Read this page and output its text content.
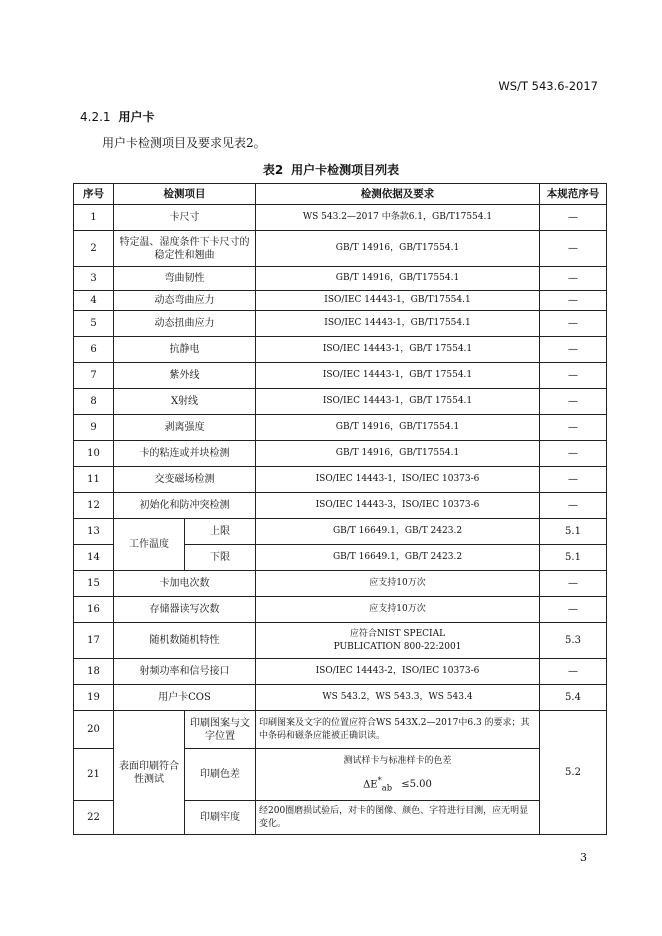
WS/T 543.6-2017
4.2.1 用户卡
用户卡检测项目及要求见表2。
表2 用户卡检测项目列表
序号	检测项目		检测依据及要求	本规范序号
1	卡尺寸		WS 543.2—2017 中条款6.1，GB/T17554.1	—
2	特定温、湿度条件下卡尺寸的稳定性和翘曲		GB/T 14916，GB/T17554.1	—
3	弯曲韧性		GB/T 14916，GB/T17554.1	—
4	动态弯曲应力		ISO/IEC 14443-1，GB/T17554.1	—
5	动态扭曲应力		ISO/IEC 14443-1，GB/T17554.1	—
6	抗静电		ISO/IEC 14443-1，GB/T 17554.1	—
7	紫外线		ISO/IEC 14443-1，GB/T 17554.1	—
8	X射线		ISO/IEC 14443-1，GB/T 17554.1	—
9	剥离强度		GB/T 14916，GB/T17554.1	—
10	卡的粘连或并块检测		GB/T 14916，GB/T17554.1	—
11	交变磁场检测		ISO/IEC 14443-1，ISO/IEC 10373-6	—
12	初始化和防冲突检测		ISO/IEC 14443-3，ISO/IEC 10373-6	—
13	工作温度	上限	GB/T 16649.1，GB/T 2423.2	5.1
14		下限	GB/T 16649.1，GB/T 2423.2	5.1
15	卡加电次数		应支持10万次	—
16	存储器读写次数		应支持10万次	—
17	随机数随机特性		应符合NIST SPECIAL
PUBLICATION 800-22:2001	5.3
18	射频功率和信号接口		ISO/IEC 14443-2，ISO/IEC 10373-6	—
19	用户卡COS		WS 543.2，WS 543.3，WS 543.4	5.4
20	表面印刷符合性测试	印刷图案与文字位置	印刷图案及文字的位置应符合WS 543X.2—2017中6.3 的要求；其中条码和磁条应能被正确识读。	5.2
21		印刷色差	测试样卡与标准样卡的色差
$\Delta E^*_{ab} \le 5.00$	

22		印刷牢度	经200圈磨损试验后，对卡的图像、颜色、字符进行目测，应无明显变化。	
3
